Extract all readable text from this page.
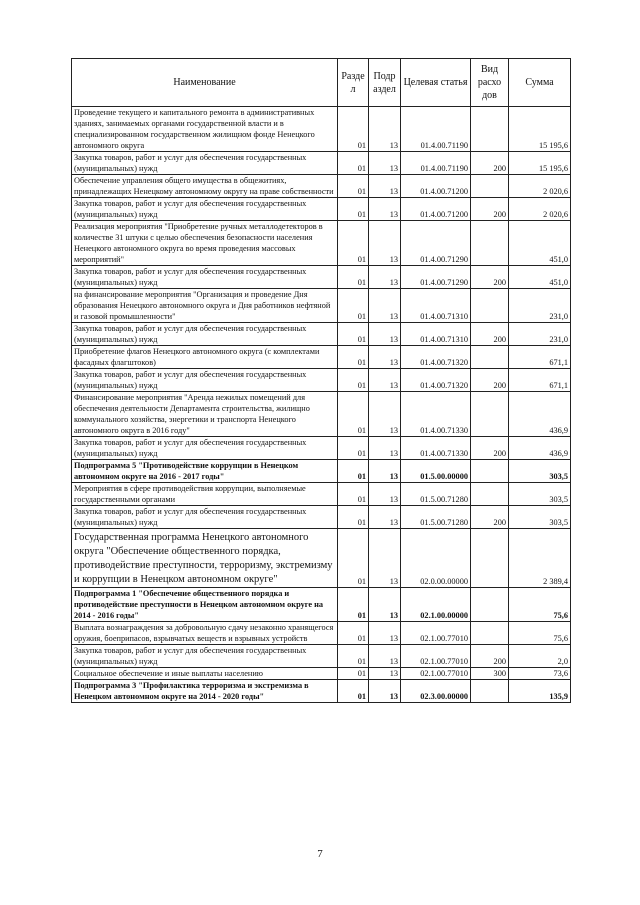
Наименование	Разде л	Подр аздел	Целевая статья	Вид расхо дов	Сумма
Проведение текущего и капитального ремонта в административных зданиях, занимаемых органами государственной власти и в специализированном государственном жилищном фонде Ненецкого автономного округа	01	13	01.4.00.71190		15 195,6
Закупка товаров, работ и услуг для обеспечения государственных (муниципальных) нужд	01	13	01.4.00.71190	200	15 195,6
Обеспечение управления общего имущества в общежитиях, принадлежащих Ненецкому автономному округу на праве собственности	01	13	01.4.00.71200		2 020,6
Закупка товаров, работ и услуг для обеспечения государственных (муниципальных) нужд	01	13	01.4.00.71200	200	2 020,6
Реализация мероприятия "Приобретение ручных металлодетекторов в количестве 31 штуки с целью обеспечения безопасности населения Ненецкого автономного округа во время проведения массовых мероприятий"	01	13	01.4.00.71290		451,0
Закупка товаров, работ и услуг для обеспечения государственных (муниципальных) нужд	01	13	01.4.00.71290	200	451,0
на финансирование мероприятия "Организация и проведение Дня образования Ненецкого автономного округа и Дня работников нефтяной и газовой промышленности"	01	13	01.4.00.71310		231,0
Закупка товаров, работ и услуг для обеспечения государственных (муниципальных) нужд	01	13	01.4.00.71310	200	231,0
Приобретение флагов Ненецкого автономного округа (с комплектами фасадных флагштоков)	01	13	01.4.00.71320		671,1
Закупка товаров, работ и услуг для обеспечения государственных (муниципальных) нужд	01	13	01.4.00.71320	200	671,1
Финансирование мероприятия "Аренда нежилых помещений для обеспечения деятельности Департамента строительства, жилищно коммунального хозяйства, энергетики и транспорта Ненецкого автономного округа в 2016 году"	01	13	01.4.00.71330		436,9
Закупка товаров, работ и услуг для обеспечения государственных (муниципальных) нужд	01	13	01.4.00.71330	200	436,9
Подпрограмма 5 "Противодействие коррупции в Ненецком автономном округе на 2016 - 2017 годы"	01	13	01.5.00.00000		303,5
Мероприятия в сфере противодействия коррупции, выполняемые государственными органами	01	13	01.5.00.71280		303,5
Закупка товаров, работ и услуг для обеспечения государственных (муниципальных) нужд	01	13	01.5.00.71280	200	303,5
Государственная программа Ненецкого автономного округа "Обеспечение общественного порядка, противодействие преступности, терроризму, экстремизму и коррупции в Ненецком автономном округе"	01	13	02.0.00.00000		2 389,4
Подпрограмма 1 "Обеспечение общественного порядка и противодействие преступности в Ненецком автономном округе на 2014 - 2016 годы"	01	13	02.1.00.00000		75,6
Выплата вознаграждения за добровольную сдачу незаконно хранящегося оружия, боеприпасов, взрывчатых веществ и взрывных устройств	01	13	02.1.00.77010		75,6
Закупка товаров, работ и услуг для обеспечения государственных (муниципальных) нужд	01	13	02.1.00.77010	200	2,0
Социальное обеспечение и иные выплаты населению	01	13	02.1.00.77010	300	73,6
Подпрограмма 3 "Профилактика терроризма и экстремизма в Ненецком автономном округе на 2014 - 2020 годы"	01	13	02.3.00.00000		135,9
7
